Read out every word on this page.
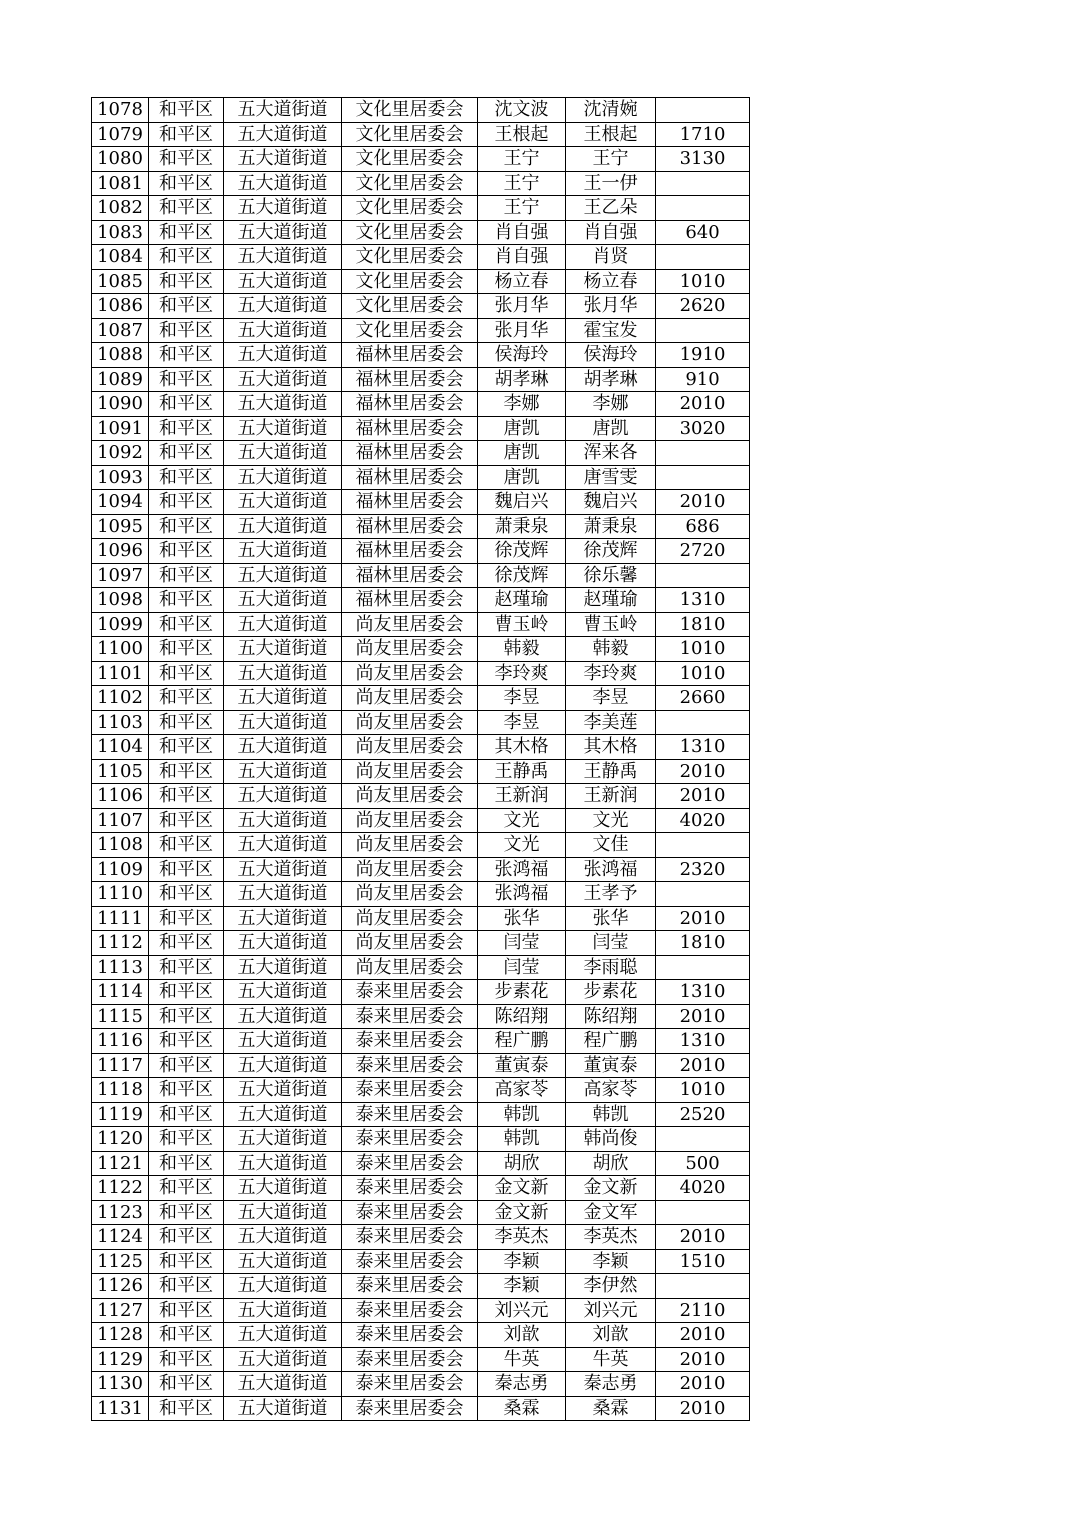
1078	和平区	五大道街道	文化里居委会	沈文波	沈清婉	
1079	和平区	五大道街道	文化里居委会	王根起	王根起	1710
1080	和平区	五大道街道	文化里居委会	王宁	王宁	3130
1081	和平区	五大道街道	文化里居委会	王宁	王一伊	
1082	和平区	五大道街道	文化里居委会	王宁	王乙朵	
1083	和平区	五大道街道	文化里居委会	肖自强	肖自强	640
1084	和平区	五大道街道	文化里居委会	肖自强	肖贤	
1085	和平区	五大道街道	文化里居委会	杨立春	杨立春	1010
1086	和平区	五大道街道	文化里居委会	张月华	张月华	2620
1087	和平区	五大道街道	文化里居委会	张月华	霍宝发	
1088	和平区	五大道街道	福林里居委会	侯海玲	侯海玲	1910
1089	和平区	五大道街道	福林里居委会	胡孝琳	胡孝琳	910
1090	和平区	五大道街道	福林里居委会	李娜	李娜	2010
1091	和平区	五大道街道	福林里居委会	唐凯	唐凯	3020
1092	和平区	五大道街道	福林里居委会	唐凯	浑来各	
1093	和平区	五大道街道	福林里居委会	唐凯	唐雪雯	
1094	和平区	五大道街道	福林里居委会	魏启兴	魏启兴	2010
1095	和平区	五大道街道	福林里居委会	萧秉泉	萧秉泉	686
1096	和平区	五大道街道	福林里居委会	徐茂辉	徐茂辉	2720
1097	和平区	五大道街道	福林里居委会	徐茂辉	徐乐馨	
1098	和平区	五大道街道	福林里居委会	赵瑾瑜	赵瑾瑜	1310
1099	和平区	五大道街道	尚友里居委会	曹玉岭	曹玉岭	1810
1100	和平区	五大道街道	尚友里居委会	韩毅	韩毅	1010
1101	和平区	五大道街道	尚友里居委会	李玲爽	李玲爽	1010
1102	和平区	五大道街道	尚友里居委会	李昱	李昱	2660
1103	和平区	五大道街道	尚友里居委会	李昱	李美莲	
1104	和平区	五大道街道	尚友里居委会	其木格	其木格	1310
1105	和平区	五大道街道	尚友里居委会	王静禹	王静禹	2010
1106	和平区	五大道街道	尚友里居委会	王新润	王新润	2010
1107	和平区	五大道街道	尚友里居委会	文光	文光	4020
1108	和平区	五大道街道	尚友里居委会	文光	文佳	
1109	和平区	五大道街道	尚友里居委会	张鸿福	张鸿福	2320
1110	和平区	五大道街道	尚友里居委会	张鸿福	王孝予	
1111	和平区	五大道街道	尚友里居委会	张华	张华	2010
1112	和平区	五大道街道	尚友里居委会	闫莹	闫莹	1810
1113	和平区	五大道街道	尚友里居委会	闫莹	李雨聪	
1114	和平区	五大道街道	泰来里居委会	步素花	步素花	1310
1115	和平区	五大道街道	泰来里居委会	陈绍翔	陈绍翔	2010
1116	和平区	五大道街道	泰来里居委会	程广鹏	程广鹏	1310
1117	和平区	五大道街道	泰来里居委会	董寅泰	董寅泰	2010
1118	和平区	五大道街道	泰来里居委会	高家苓	高家苓	1010
1119	和平区	五大道街道	泰来里居委会	韩凯	韩凯	2520
1120	和平区	五大道街道	泰来里居委会	韩凯	韩尚俊	
1121	和平区	五大道街道	泰来里居委会	胡欣	胡欣	500
1122	和平区	五大道街道	泰来里居委会	金文新	金文新	4020
1123	和平区	五大道街道	泰来里居委会	金文新	金文军	
1124	和平区	五大道街道	泰来里居委会	李英杰	李英杰	2010
1125	和平区	五大道街道	泰来里居委会	李颖	李颖	1510
1126	和平区	五大道街道	泰来里居委会	李颖	李伊然	
1127	和平区	五大道街道	泰来里居委会	刘兴元	刘兴元	2110
1128	和平区	五大道街道	泰来里居委会	刘歆	刘歆	2010
1129	和平区	五大道街道	泰来里居委会	牛英	牛英	2010
1130	和平区	五大道街道	泰来里居委会	秦志勇	秦志勇	2010
1131	和平区	五大道街道	泰来里居委会	桑霖	桑霖	2010
